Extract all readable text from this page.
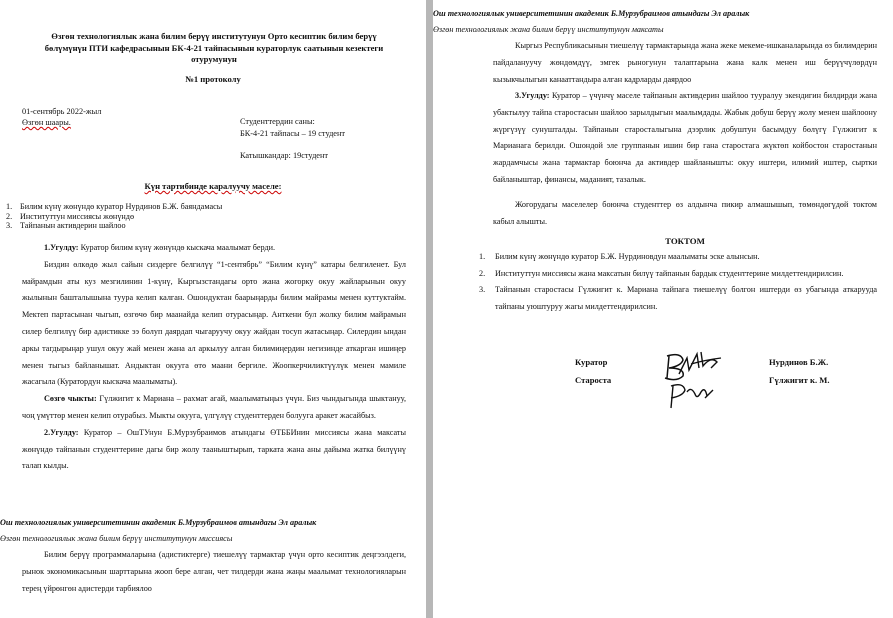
Өзгөн технологиялык жана билим берүү институтунун Орто кесиптик билим берүү бөлүмүнүн ПТИ кафедрасынын БК-4-21 тайпасынын кураторлук саатынын кезектеги отурумунун
№1 протоколу
01-сентябрь 2022-жыл
Өзгөн шаары.	Студенттердин саны:
БК-4-21 тайпасы – 19 студент
Катышкандар: 19студент
Күн тартибинде каралуучу маселе:
1. Билим күнү жөнүндө куратор Нурдинов Б.Ж. баяндамасы
2. Институттун миссиясы жөнүндө
3. Тайпанын активдерин шайлоо
1.Угулду: Куратор билим күнү жөнүндө кыскача маалымат берди.
Биздин өлкөдө жыл сайын сиздерге белгилүү “1-сентябрь” “Билим күнү” катары белгиленет. Бул майрамдын аты куз мезгилинин 1-күнү, Кыргызстандагы орто жана жогорку окуу жайларынын окуу жылынын башталышына туура келип калган. Ошондуктан баарыңарды билим майрамы менен куттуктайм. Мектеп партасынан чыгып, өзгөчө бир маанайда келип отурасыңар. Анткени бул жолку билим майрамын силер белгилүү бир адистикке ээ болуп даярдап чыгаруучу окуу жайдан тосуп жатасыңар. Силердин ындан аркы тагдырыңар ушул окуу жай менен жана ал аркылуу алган билимиңердин негизинде аткарган ишиңер менен тыгыз байланышат. Андыктан окууга өтө маани бергиле. Жоопкерчиликтүүлүк менен мамиле жасагыла (Куратордун кыскача маалыматы).
Сөзгө чыкты: Гүлжигит к Мариана – рахмат агай, маалыматыңыз үчүн. Биз чындыгында шыктануу, чоң үмүттөр менен келип отурабыз. Мыкты окууга, үлгүлүү студенттерден болууга аракет жасайбыз.
2.Угулду: Куратор – ОшТУнун Б.Мурзубраимов атындагы ӨТББИнин миссиясы жана максаты жөнүндө тайпанын студенттерине дагы бир жолу тааныштырып, тарката жана аны дайыма жатка билүүнү талап кылды.
Ош технологиялык университетинин академик Б.Мурзубраимов атындагы Эл аралык
Өзгөн технологиялык жана билим берүү институтунун миссиясы
Билим берүү программаларына (адистиктерге) тиешелүү тармактар үчүн орто кесиптик деңгээлдеги, рынок экономикасынын шарттарына жооп бере алган, чет тилдерди жана жаңы маалымат технологияларын терең үйрөнгөн адистерди тарбиялоо
Ош технологиялык университетинин академик Б.Мурзубраимов атындагы Эл аралык
Өзгөн технологиялык жана билим берүү институтунун максаты
Кыргыз Республикасынын тиешелүү тармактарында жана жеке мекеме-ишканаларында өз билимдерин пайдалануучу жөндөмдүү, эмгек рыногунун талаптарына жана калк менен иш берүүчүлөрдүн кызыкчылыгын канааттандыра алган кадрларды даярдоо
3.Угулду: Куратор – үчүнчү маселе тайпанын активдерин шайлоо тууралуу экендигин билдирди жана убактылуу тайпа старостасын шайлоо зарылдыгын маалымдады. Жабык добуш берүү жолу менен шайлоону жүргүзүү сунушталды. Тайпанын старосталыгына дээрлик добуштун басымдуу бөлүгү Гүлжигит к Марианага берилди. Ошондой эле группанын ишин бир гана старостага жүктөп койбостон старостанын жардамчысы жана тармактар боюнча да активдер шайланышты: окуу иштери, илимий иштер, сыртки байланыштар, финансы, маданият, тазалык.
Жогорудагы маселелер боюнча студенттер өз алдынча пикир алмашышып, төмөндөгүдөй токтом кабыл алышты.
ТОКТОМ
1. Билим күнү жөнүндө куратор Б.Ж. Нурдиновдун маалыматы эске алынсын.
2. Институттун миссиясы жана максатын билүү тайпанын бардык студенттерине милдеттендирилсин.
3. Тайпанын старостасы Гүлжигит к. Мариана тайпага тиешелүү болгон иштерди өз убагында аткарууда тайпаны уюштуруу жагы милдеттендирилсин.
Куратор	Нурдинов Б.Ж.
Староста	Гүлжигит к. М.
